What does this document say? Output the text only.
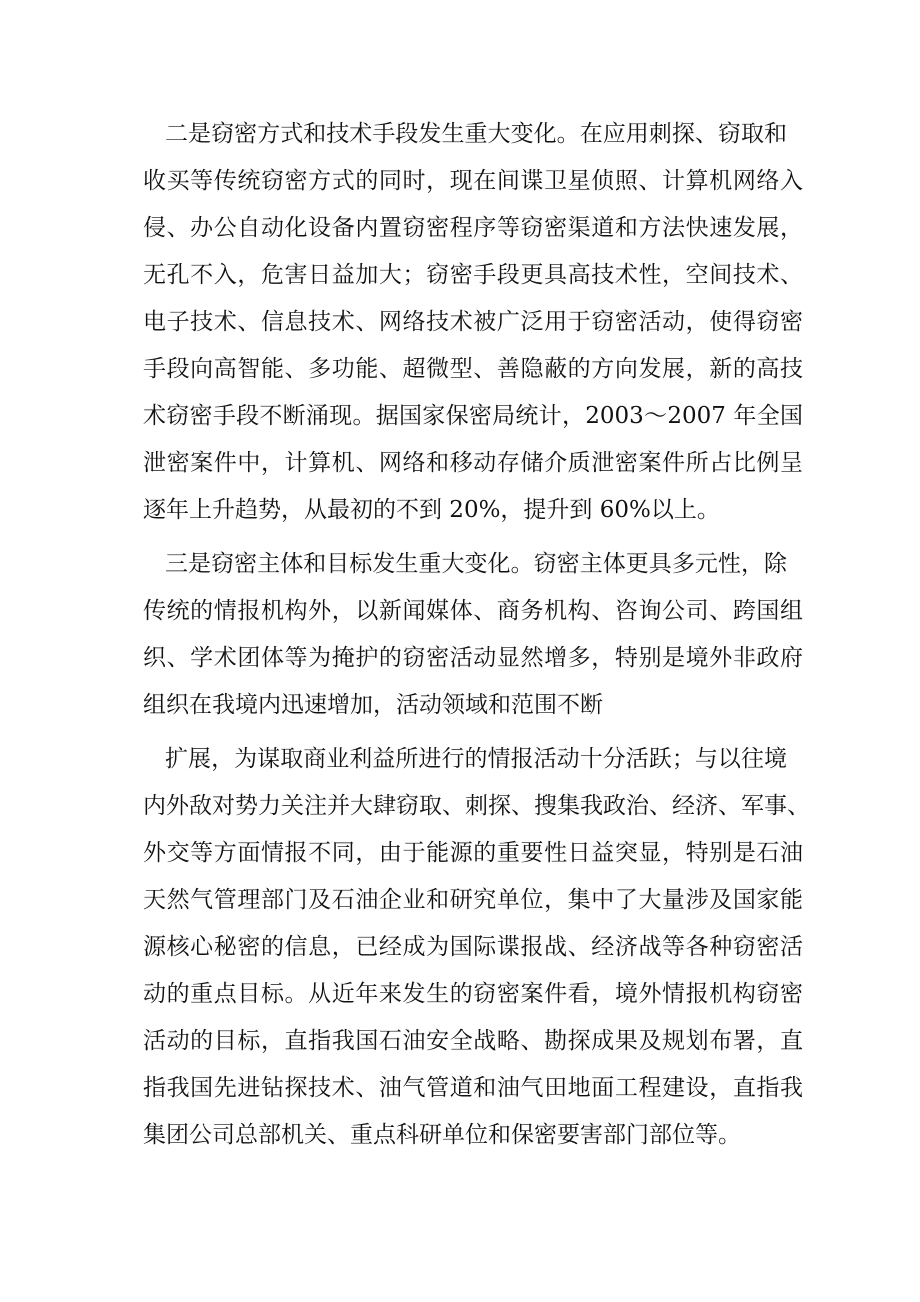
二是窃密方式和技术手段发生重大变化。在应用刺探、窃取和
收买等传统窃密方式的同时，现在间谍卫星侦照、计算机网络入
侵、办公自动化设备内置窃密程序等窃密渠道和方法快速发展，
无孔不入，危害日益加大；窃密手段更具高技术性，空间技术、
电子技术、信息技术、网络技术被广泛用于窃密活动，使得窃密
手段向高智能、多功能、超微型、善隐蔽的方向发展，新的高技
术窃密手段不断涌现。据国家保密局统计，2003～2007 年全国
泄密案件中，计算机、网络和移动存储介质泄密案件所占比例呈
逐年上升趋势，从最初的不到 20%，提升到 60%以上。
三是窃密主体和目标发生重大变化。窃密主体更具多元性，除
传统的情报机构外，以新闻媒体、商务机构、咨询公司、跨国组
织、学术团体等为掩护的窃密活动显然增多，特别是境外非政府
组织在我境内迅速增加，活动领域和范围不断
扩展，为谋取商业利益所进行的情报活动十分活跃；与以往境
内外敌对势力关注并大肆窃取、刺探、搜集我政治、经济、军事、
外交等方面情报不同，由于能源的重要性日益突显，特别是石油
天然气管理部门及石油企业和研究单位，集中了大量涉及国家能
源核心秘密的信息，已经成为国际谍报战、经济战等各种窃密活
动的重点目标。从近年来发生的窃密案件看，境外情报机构窃密
活动的目标，直指我国石油安全战略、勘探成果及规划布署，直
指我国先进钻探技术、油气管道和油气田地面工程建设，直指我
集团公司总部机关、重点科研单位和保密要害部门部位等。
